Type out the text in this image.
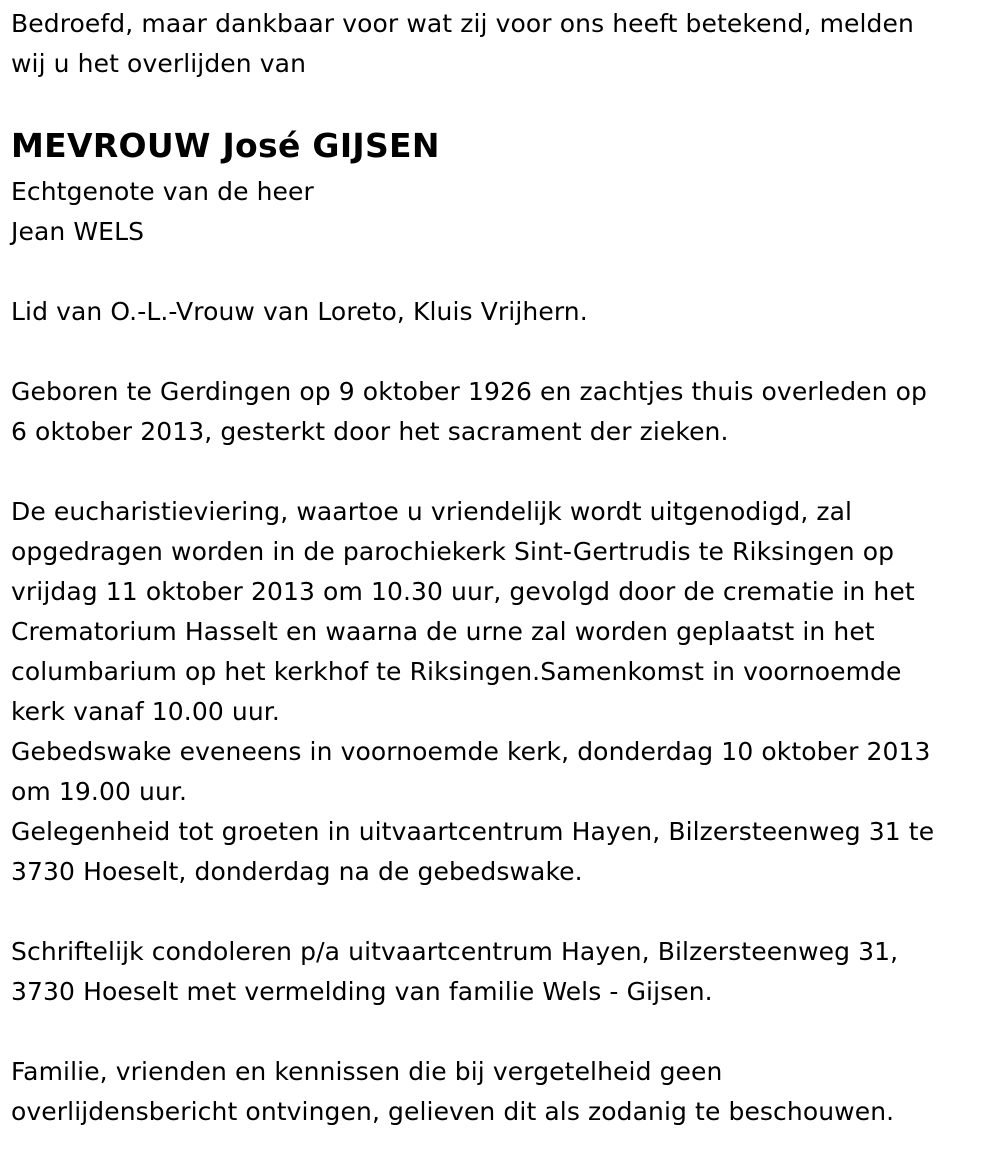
Bedroefd, maar dankbaar voor wat zij voor ons heeft betekend, melden
wij u het overlijden van
MEVROUW José GIJSEN
Echtgenote van de heer
Jean WELS
Lid van O.-L.-Vrouw van Loreto, Kluis Vrijhern.
Geboren te Gerdingen op 9 oktober 1926 en zachtjes thuis overleden op
6 oktober 2013, gesterkt door het sacrament der zieken.
De eucharistieviering, waartoe u vriendelijk wordt uitgenodigd, zal
opgedragen worden in de parochiekerk Sint-Gertrudis te Riksingen op
vrijdag 11 oktober 2013 om 10.30 uur, gevolgd door de crematie in het
Crematorium Hasselt en waarna de urne zal worden geplaatst in het
columbarium op het kerkhof te Riksingen.Samenkomst in voornoemde
kerk vanaf 10.00 uur.
Gebedswake eveneens in voornoemde kerk, donderdag 10 oktober 2013
om 19.00 uur.
Gelegenheid tot groeten in uitvaartcentrum Hayen, Bilzersteenweg 31 te
3730 Hoeselt, donderdag na de gebedswake.
Schriftelijk condoleren p/a uitvaartcentrum Hayen, Bilzersteenweg 31,
3730 Hoeselt met vermelding van familie Wels - Gijsen.
Familie, vrienden en kennissen die bij vergetelheid geen
overlijdensbericht ontvingen, gelieven dit als zodanig te beschouwen.
